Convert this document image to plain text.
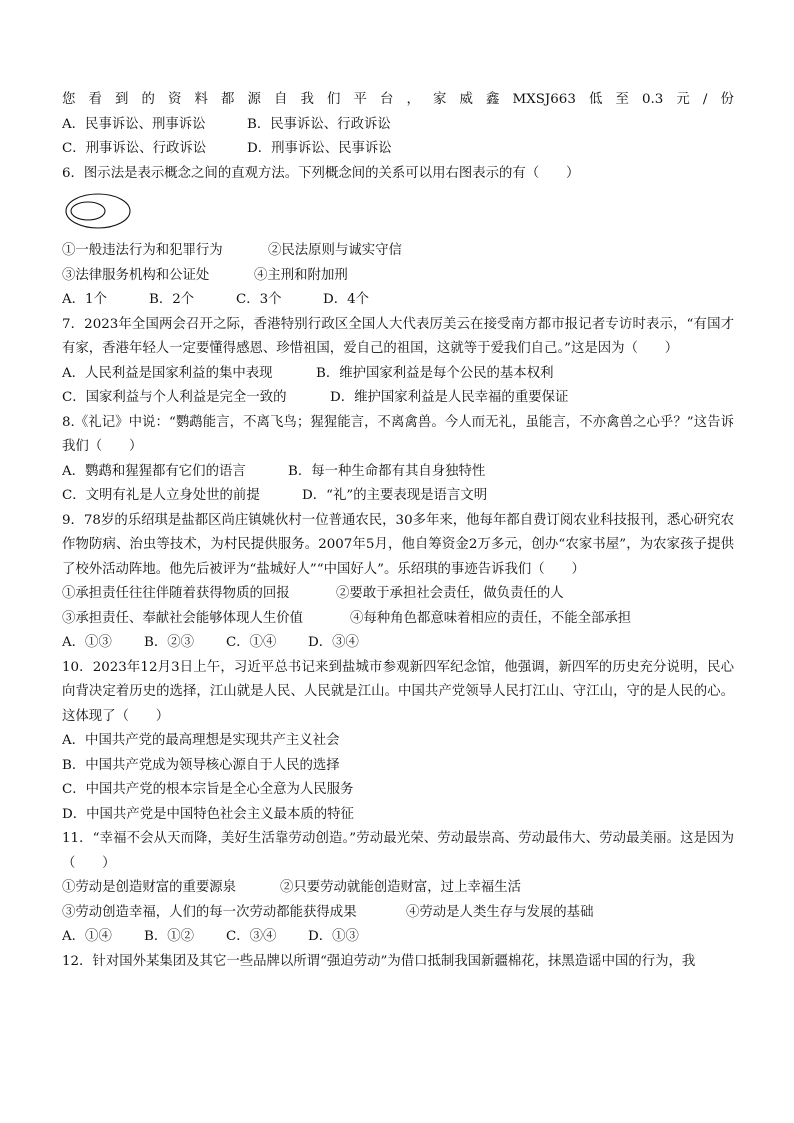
您 看 到 的 资 料 都 源 自 我 们 平 台 ， 家 威 鑫 MXSJ663 低 至 0.3 元 / 份
A．民事诉讼、刑事诉讼	B．民事诉讼、行政诉讼
C．刑事诉讼、行政诉讼	D．刑事诉讼、民事诉讼
6．图示法是表示概念之间的直观方法。下列概念间的关系可以用右图表示的有（　　）
①一般违法行为和犯罪行为	②民法原则与诚实守信
③法律服务机构和公证处	④主刑和附加刑
A．1个	B．2个	C．3个	D．4个

7．2023年全国两会召开之际，香港特别行政区全国人大代表厉美云在接受南方都市报记者专访时表示，“有国才有家，香港年轻人一定要懂得感恩、珍惜祖国，爱自己的祖国，这就等于爱我们自己。”这是因为（　　）

A．人民利益是国家利益的集中表现	B．维护国家利益是每个公民的基本权利
C．国家利益与个人利益是完全一致的	D．维护国家利益是人民幸福的重要保证

8.《礼记》中说：“鹦鹉能言，不离飞鸟；猩猩能言，不离禽兽。今人而无礼，虽能言，不亦禽兽之心乎？”这告诉我们（　　）

A．鹦鹉和猩猩都有它们的语言	B．每一种生命都有其自身独特性
C．文明有礼是人立身处世的前提	D．“礼”的主要表现是语言文明

9．78岁的乐绍琪是盐都区尚庄镇姚伙村一位普通农民，30多年来，他每年都自费订阅农业科技报刊，悉心研究农作物防病、治虫等技术，为村民提供服务。2007年5月，他自筹资金2万多元，创办“农家书屋”，为农家孩子提供了校外活动阵地。他先后被评为“盐城好人”“中国好人”。乐绍琪的事迹告诉我们（　　）

①承担责任往往伴随着获得物质的回报	②要敢于承担社会责任，做负责任的人
③承担责任、奉献社会能够体现人生价值	④每种角色都意味着相应的责任，不能全部承担
A．①③ B．②③ C．①④ D．③④

10．2023年12月3日上午，习近平总书记来到盐城市参观新四军纪念馆，他强调，新四军的历史充分说明，民心向背决定着历史的选择，江山就是人民、人民就是江山。中国共产党领导人民打江山、守江山，守的是人民的心。这体现了（　　）

A．中国共产党的最高理想是实现共产主义社会
B．中国共产党成为领导核心源自于人民的选择
C．中国共产党的根本宗旨是全心全意为人民服务
D．中国共产党是中国特色社会主义最本质的特征

11．“幸福不会从天而降，美好生活靠劳动创造。”劳动最光荣、劳动最崇高、劳动最伟大、劳动最美丽。这是因为（　　）

①劳动是创造财富的重要源泉	②只要劳动就能创造财富，过上幸福生活
③劳动创造幸福，人们的每一次劳动都能获得成果	④劳动是人类生存与发展的基础
A．①④ B．①② C．③④ D．①③
12．针对国外某集团及其它一些品牌以所谓“强迫劳动”为借口抵制我国新疆棉花，抹黑造谣中国的行为，我
